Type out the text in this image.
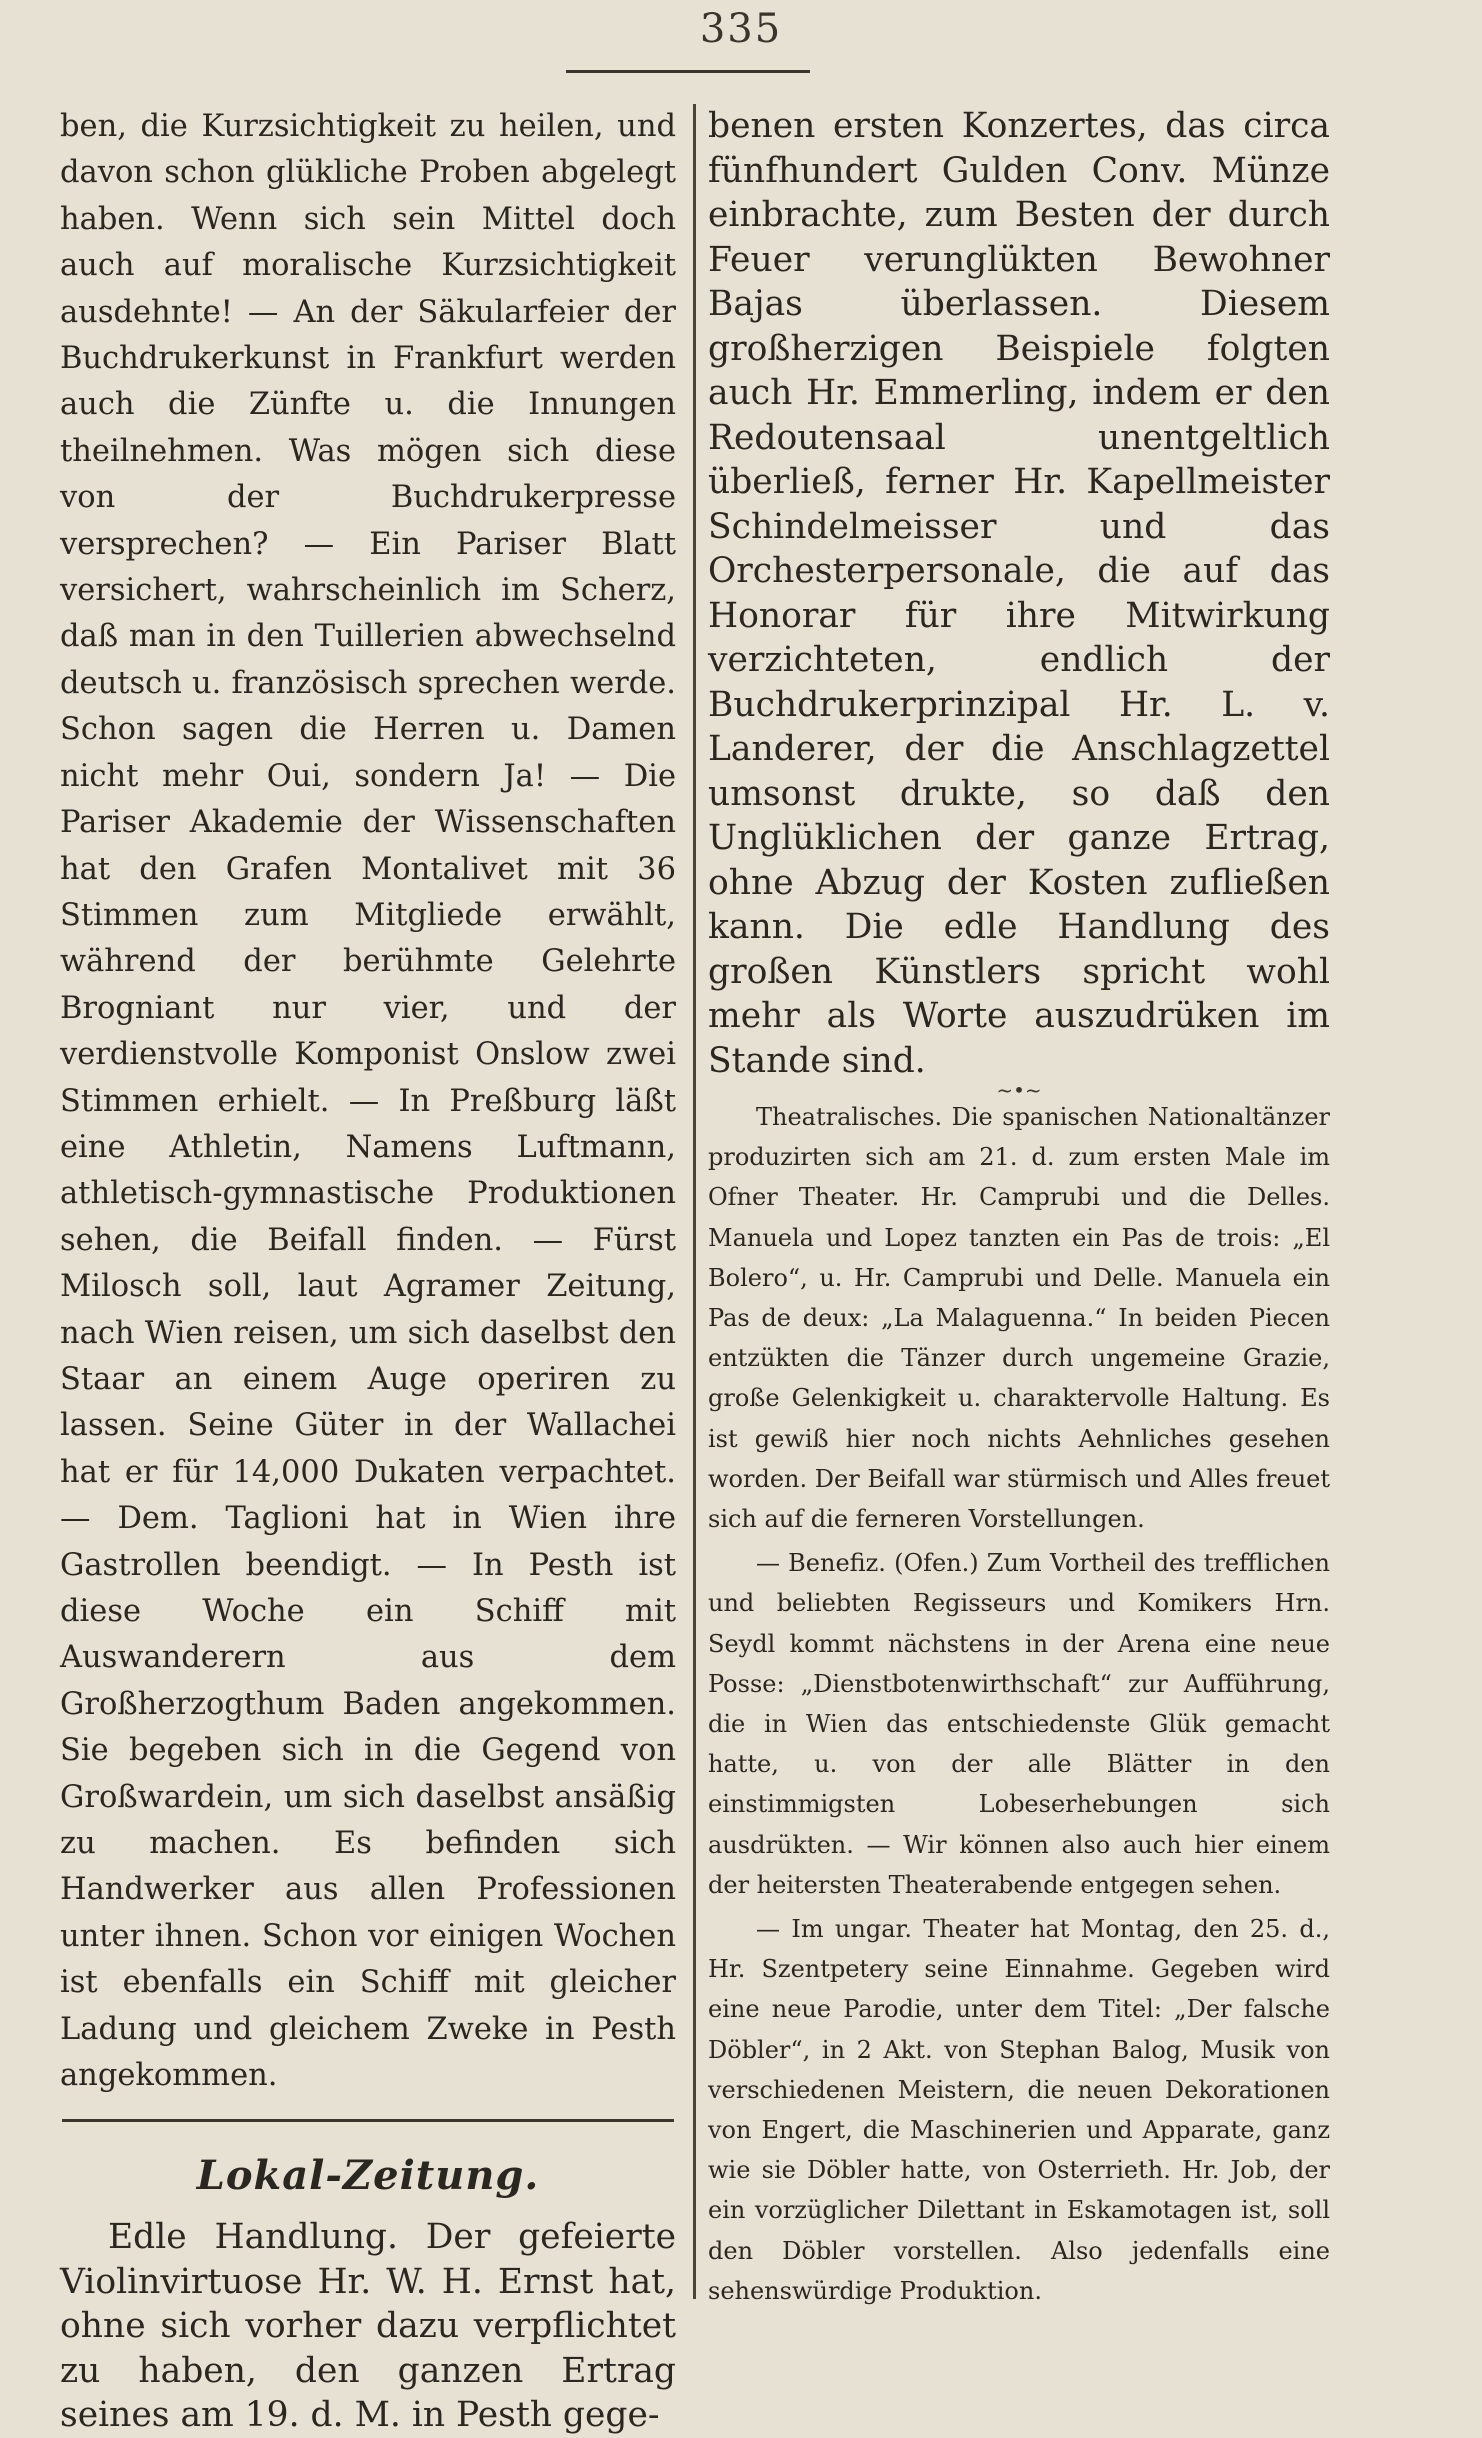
335

ben, die Kurzsichtigkeit zu heilen, und davon schon glükliche Proben abgelegt haben. Wenn sich sein Mittel doch auch auf moralische Kurzsichtigkeit ausdehnte! — An der Säkularfeier der Buchdrukerkunst in Frankfurt werden auch die Zünfte u. die Innungen theilnehmen. Was mögen sich diese von der Buchdrukerpresse versprechen? — Ein Pariser Blatt versichert, wahrscheinlich im Scherz, daß man in den Tuillerien abwechselnd deutsch u. französisch sprechen werde. Schon sagen die Herren u. Damen nicht mehr Oui, sondern Ja! — Die Pariser Akademie der Wissenschaften hat den Grafen Montalivet mit 36 Stimmen zum Mitgliede erwählt, während der berühmte Gelehrte Brogniant nur vier, und der verdienstvolle Komponist Onslow zwei Stimmen erhielt. — In Preßburg läßt eine Athletin, Namens Luftmann, athletisch-gymnastische Produktionen sehen, die Beifall finden. — Fürst Milosch soll, laut Agramer Zeitung, nach Wien reisen, um sich daselbst den Staar an einem Auge operiren zu lassen. Seine Güter in der Wallachei hat er für 14,000 Dukaten verpachtet. — Dem. Taglioni hat in Wien ihre Gastrollen beendigt. — In Pesth ist diese Woche ein Schiff mit Auswanderern aus dem Großherzogthum Baden angekommen. Sie begeben sich in die Gegend von Großwardein, um sich daselbst ansäßig zu machen. Es befinden sich Handwerker aus allen Professionen unter ihnen. Schon vor einigen Wochen ist ebenfalls ein Schiff mit gleicher Ladung und gleichem Zweke in Pesth angekommen.

Lokal-Zeitung.

Edle Handlung. Der gefeierte Violinvirtuose Hr. W. H. Ernst hat, ohne sich vorher dazu verpflichtet zu haben, den ganzen Ertrag seines am 19. d. M. in Pesth gege-

benen ersten Konzertes, das circa fünfhundert Gulden Conv. Münze einbrachte, zum Besten der durch Feuer verunglükten Bewohner Bajas überlassen. Diesem großherzigen Beispiele folgten auch Hr. Emmerling, indem er den Redoutensaal unentgeltlich überließ, ferner Hr. Kapellmeister Schindelmeisser und das Orchesterpersonale, die auf das Honorar für ihre Mitwirkung verzichteten, endlich der Buchdrukerprinzipal Hr. L. v. Landerer, der die Anschlagzettel umsonst drukte, so daß den Unglüklichen der ganze Ertrag, ohne Abzug der Kosten zufließen kann. Die edle Handlung des großen Künstlers spricht wohl mehr als Worte auszudrüken im Stande sind.

~•~

Theatralisches. Die spanischen Nationaltänzer produzirten sich am 21. d. zum ersten Male im Ofner Theater. Hr. Camprubi und die Delles. Manuela und Lopez tanzten ein Pas de trois: „El Bolero“, u. Hr. Camprubi und Delle. Manuela ein Pas de deux: „La Malaguenna.“ In beiden Piecen entzükten die Tänzer durch ungemeine Grazie, große Gelenkigkeit u. charaktervolle Haltung. Es ist gewiß hier noch nichts Aehnliches gesehen worden. Der Beifall war stürmisch und Alles freuet sich auf die ferneren Vorstellungen.

— Benefiz. (Ofen.) Zum Vortheil des trefflichen und beliebten Regisseurs und Komikers Hrn. Seydl kommt nächstens in der Arena eine neue Posse: „Dienstbotenwirthschaft“ zur Aufführung, die in Wien das entschiedenste Glük gemacht hatte, u. von der alle Blätter in den einstimmigsten Lobeserhebungen sich ausdrükten. — Wir können also auch hier einem der heitersten Theaterabende entgegen sehen.

— Im ungar. Theater hat Montag, den 25. d., Hr. Szentpetery seine Einnahme. Gegeben wird eine neue Parodie, unter dem Titel: „Der falsche Döbler“, in 2 Akt. von Stephan Balog, Musik von verschiedenen Meistern, die neuen Dekorationen von Engert, die Maschinerien und Apparate, ganz wie sie Döbler hatte, von Osterrieth. Hr. Job, der ein vorzüglicher Dilettant in Eskamotagen ist, soll den Döbler vorstellen. Also jedenfalls eine sehenswürdige Produktion.
